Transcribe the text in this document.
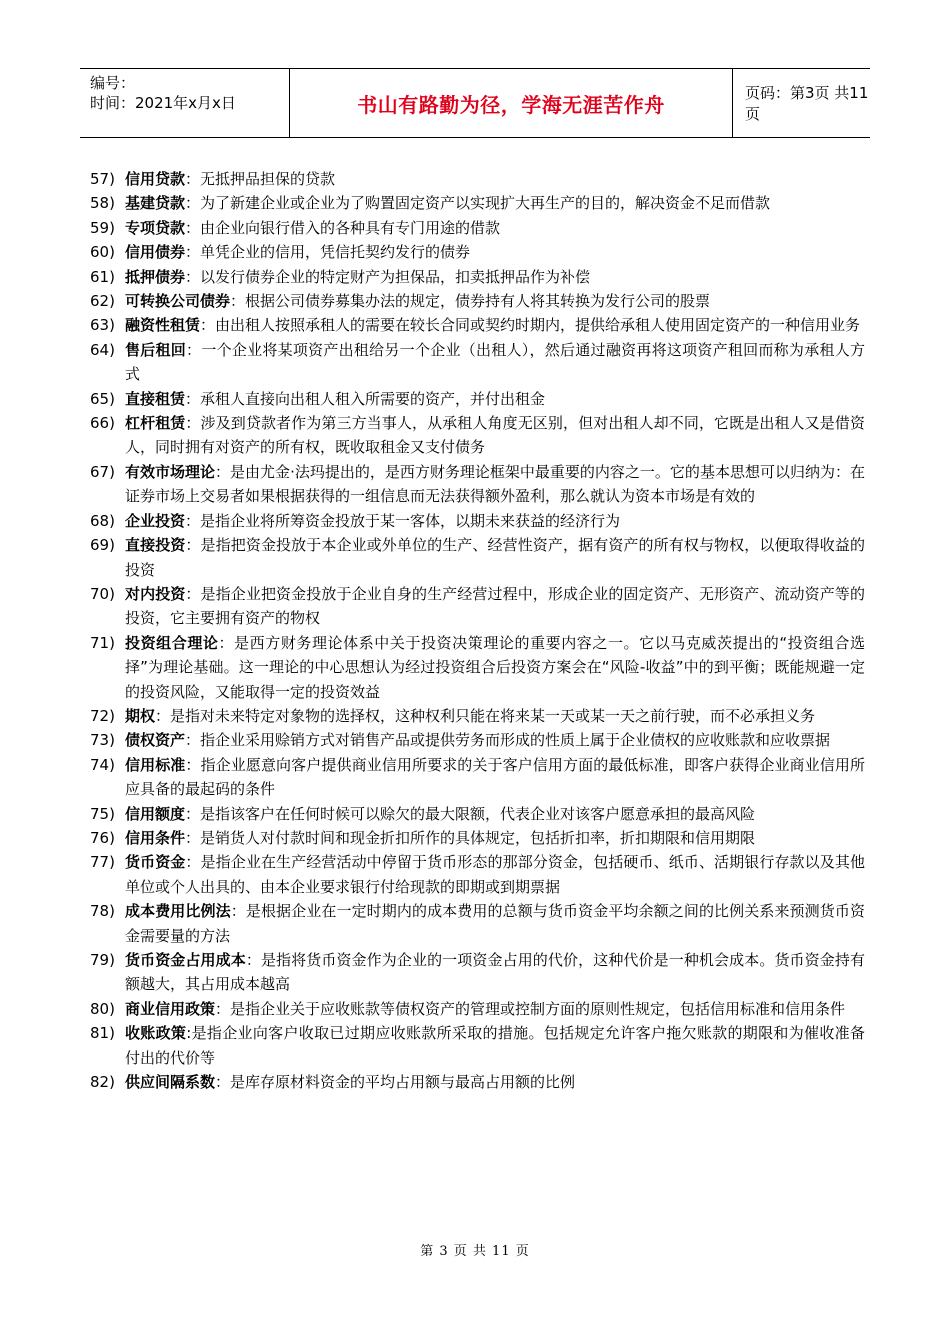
编号：
时间：2021年x月x日	书山有路勤为径，学海无涯苦作舟	页码：第3页 共11页
57) 信用贷款：无抵押品担保的贷款
58) 基建贷款：为了新建企业或企业为了购置固定资产以实现扩大再生产的目的，解决资金不足而借款
59) 专项贷款：由企业向银行借入的各种具有专门用途的借款
60) 信用债券：单凭企业的信用，凭信托契约发行的债券
61) 抵押债券：以发行债券企业的特定财产为担保品，扣卖抵押品作为补偿
62) 可转换公司债券：根据公司债券募集办法的规定，债券持有人将其转换为发行公司的股票
63) 融资性租赁：由出租人按照承租人的需要在较长合同或契约时期内，提供给承租人使用固定资产的一种信用业务
64) 售后租回：一个企业将某项资产出租给另一个企业（出租人），然后通过融资再将这项资产租回而称为承租人方式
65) 直接租赁：承租人直接向出租人租入所需要的资产，并付出租金
66) 杠杆租赁：涉及到贷款者作为第三方当事人，从承租人角度无区别，但对出租人却不同，它既是出租人又是借资人，同时拥有对资产的所有权，既收取租金又支付债务
67) 有效市场理论：是由尤金·法玛提出的，是西方财务理论框架中最重要的内容之一。它的基本思想可以归纳为：在证券市场上交易者如果根据获得的一组信息而无法获得额外盈利，那么就认为资本市场是有效的
68) 企业投资：是指企业将所筹资金投放于某一客体，以期未来获益的经济行为
69) 直接投资：是指把资金投放于本企业或外单位的生产、经营性资产，据有资产的所有权与物权，以便取得收益的投资
70) 对内投资：是指企业把资金投放于企业自身的生产经营过程中，形成企业的固定资产、无形资产、流动资产等的投资，它主要拥有资产的物权
71) 投资组合理论：是西方财务理论体系中关于投资决策理论的重要内容之一。它以马克威茨提出的“投资组合选择”为理论基础。这一理论的中心思想认为经过投资组合后投资方案会在“风险-收益”中的到平衡；既能规避一定的投资风险，又能取得一定的投资效益
72) 期权：是指对未来特定对象物的选择权，这种权利只能在将来某一天或某一天之前行驶，而不必承担义务
73) 债权资产：指企业采用赊销方式对销售产品或提供劳务而形成的性质上属于企业债权的应收账款和应收票据
74) 信用标准：指企业愿意向客户提供商业信用所要求的关于客户信用方面的最低标准，即客户获得企业商业信用所应具备的最起码的条件
75) 信用额度：是指该客户在任何时候可以赊欠的最大限额，代表企业对该客户愿意承担的最高风险
76) 信用条件：是销货人对付款时间和现金折扣所作的具体规定，包括折扣率，折扣期限和信用期限
77) 货币资金：是指企业在生产经营活动中停留于货币形态的那部分资金，包括硬币、纸币、活期银行存款以及其他单位或个人出具的、由本企业要求银行付给现款的即期或到期票据
78) 成本费用比例法：是根据企业在一定时期内的成本费用的总额与货币资金平均余额之间的比例关系来预测货币资金需要量的方法
79) 货币资金占用成本：是指将货币资金作为企业的一项资金占用的代价，这种代价是一种机会成本。货币资金持有额越大，其占用成本越高
80) 商业信用政策：是指企业关于应收账款等债权资产的管理或控制方面的原则性规定，包括信用标准和信用条件
81) 收账政策:是指企业向客户收取已过期应收账款所采取的措施。包括规定允许客户拖欠账款的期限和为催收准备付出的代价等
82) 供应间隔系数：是库存原材料资金的平均占用额与最高占用额的比例
第 3 页 共 11 页
